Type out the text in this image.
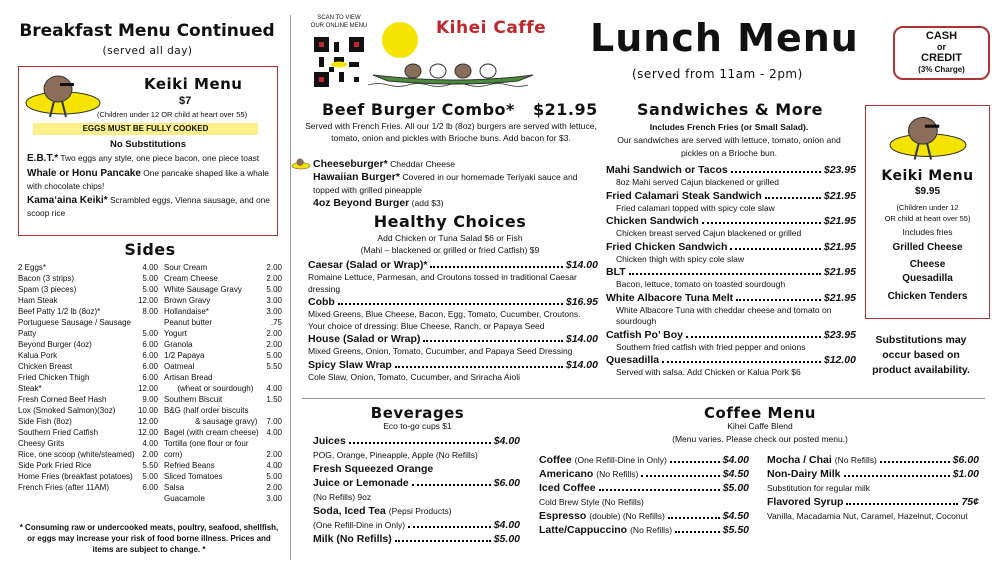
Breakfast Menu Continued
(served all day)
Keiki Menu
$7
(Children under 12 OR child at heart over 55)
EGGS MUST BE FULLY COOKED
No Substitutions
E.B.T.* Two eggs any style, one piece bacon, one piece toast
Whale or Honu Pancake One pancake shaped like a whale with chocolate chips!
Kama‘aina Keiki* Scrambled eggs, Vienna sausage, and one scoop rice
Sides
2 Eggs*	4.00
Bacon (3 strips)	5.00
Spam (3 pieces)	5.00
Ham Steak	12.00
Beef Patty 1/2 lb (8oz)*	8.00
Portuguese Sausage / Sausage Patty	5.00
Beyond Burger (4oz)	6.00
Kalua Pork	6.00
Chicken Breast	6.00
Fried Chicken Thigh	6.00
Steak*	12.00
Fresh Corned Beef Hash	9.00
Lox (Smoked Salmon)(3oz)	10.00
Side Fish (8oz)	12.00
Southern Fried Catfish	12.00
Cheesy Grits	4.00
Rice, one scoop (white/steamed) 2.00
Side Pork Fried Rice	5.50
Home Fries (breakfast potatoes)	5.00
French Fries (after 11AM)	6.00
Sour Cream	2.00
Cream Cheese	2.00
White Sausage Gravy	5.00
Brown Gravy	3.00
Hollandaise*	3.00
Peanut butter	.75
Yogurt	2.00
Granola	2.00
1/2 Papaya	5.00
Oatmeal	5.50
Artisan Bread
(wheat or sourdough)	4.00
Southern Biscuit	1.50
B&G (half order biscuits
& sausage gravy)	7.00
Bagel (with cream cheese) 4.00
Tortilla (one flour or four corn)	2.00
Refried Beans	4.00
Sliced Tomatoes	5.00
Salsa	2.00
Guacamole	3.00
* Consuming raw or undercooked meats, poultry, seafood, shellfish, or eggs may increase your risk of food borne illness. Prices and items are subject to change. *
SCAN TO VIEW OUR ONLINE MENU	Kihei Caffe Lunch Menu
(served from 11am - 2pm)
CASH
or
CREDIT
(3% Charge)
Beef Burger Combo* $21.95
Served with French Fries. All our 1/2 lb (8oz) burgers are served with lettuce, tomato, onion and pickles with Brioche buns. Add bacon for $3.
Cheeseburger* Cheddar Cheese
Hawaiian Burger* Covered in our homemade Teriyaki sauce and topped with grilled pineapple
4oz Beyond Burger (add $3)
Healthy Choices
Add Chicken or Tuna Salad $6 or Fish
(Mahi – blackened or grilled or fried Catfish) $9
Caesar (Salad or Wrap)*	$14.00
Romaine Lettuce, Parmesan, and Croutons tossed in traditional Caesar dressing
Cobb	$16.95
Mixed Greens, Blue Cheese, Bacon, Egg, Tomato, Cucumber, Croutons.
Your choice of dressing: Blue Cheese, Ranch, or Papaya Seed
House (Salad or Wrap)	$14.00
Mixed Greens, Onion, Tomato, Cucumber, and Papaya Seed Dressing
Spicy Slaw Wrap	$14.00
Cole Slaw, Onion, Tomato, Cucumber, and Sriracha Aioli
Beverages
Eco to-go cups $1
Juices	$4.00
POG, Orange, Pineapple, Apple (No Refills)
Fresh Squeezed Orange
Juice or Lemonade	$6.00
(No Refills) 9oz
Soda, Iced Tea (Pepsi Products)
(One Refill-Dine in Only)	$4.00
Milk (No Refills)	$5.00
Sandwiches & More
Includes French Fries (or Small Salad).
Our sandwiches are served with lettuce, tomato, onion and
pickles on a Brioche bun.
Mahi Sandwich or Tacos	$23.95
8oz Mahi served Cajun blackened or grilled
Fried Calamari Steak Sandwich	$21.95
Fried calamari topped with spicy cole slaw
Chicken Sandwich	$21.95
Chicken breast served Cajun blackened or grilled
Fried Chicken Sandwich	$21.95
Chicken thigh with spicy cole slaw
BLT	$21.95
Bacon, lettuce, tomato on toasted sourdough
White Albacore Tuna Melt	$21.95
White Albacore Tuna with cheddar cheese and tomato on sourdough
Catfish Po’ Boy	$23.95
Southern fried catfish with fried pepper and onions
Quesadilla	$12.00
Served with salsa. Add Chicken or Kalua Pork $6
Keiki Menu
$9.95
(Children under 12
OR child at heart over 55)
Includes fries
Grilled Cheese
Cheese Quesadilla
Chicken Tenders
Substitutions may occur based on product availability.
Coffee Menu
Kihei Caffe Blend
(Menu varies. Please check our posted menu.)
Coffee (One Refill-Dine in Only)	$4.00
Americano (No Refills)	$4.50
Iced Coffee	$5.00
Cold Brew Style (No Refills)
Espresso (double) (No Refills)	$4.50
Latte/Cappuccino (No Refills)	$5.50
Mocha / Chai (No Refills)	$6.00
Non-Dairy Milk	$1.00
Substitution for regular milk
Flavored Syrup	75¢
Vanilla, Macadamia Nut, Caramel, Hazelnut, Coconut
